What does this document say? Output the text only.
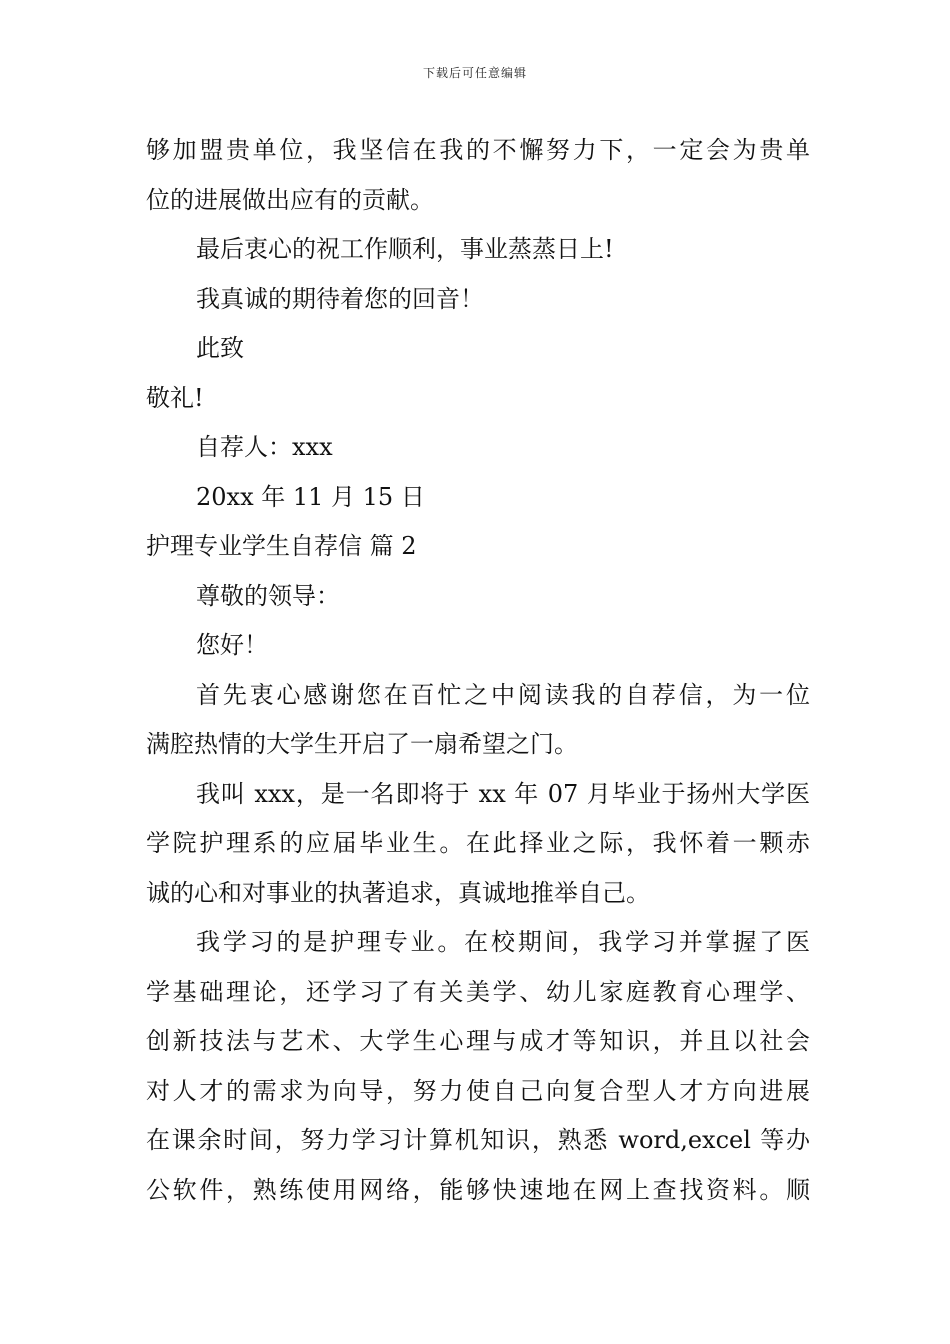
下载后可任意编辑
够加盟贵单位，我坚信在我的不懈努力下，一定会为贵单
位的进展做出应有的贡献。
最后衷心的祝工作顺利，事业蒸蒸日上!
我真诚的期待着您的回音！
此致
敬礼!
自荐人：xxx
20xx 年 11 月 15 日
护理专业学生自荐信 篇 2
尊敬的领导：
您好！
首先衷心感谢您在百忙之中阅读我的自荐信，为一位
满腔热情的大学生开启了一扇希望之门。
我叫 xxx，是一名即将于 xx 年 07 月毕业于扬州大学医
学院护理系的应届毕业生。在此择业之际，我怀着一颗赤
诚的心和对事业的执著追求，真诚地推举自己。
我学习的是护理专业。在校期间，我学习并掌握了医
学基础理论，还学习了有关美学、幼儿家庭教育心理学、
创新技法与艺术、大学生心理与成才等知识，并且以社会
对人才的需求为向导，努力使自己向复合型人才方向进展
在课余时间，努力学习计算机知识，熟悉 word,excel 等办
公软件，熟练使用网络，能够快速地在网上查找资料。顺
